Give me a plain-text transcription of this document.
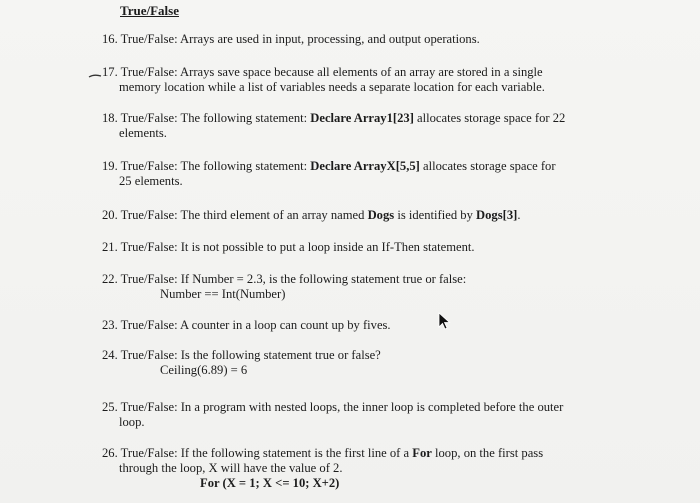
True/False
16. True/False: Arrays are used in input, processing, and output operations.
17. True/False: Arrays save space because all elements of an array are stored in a single
memory location while a list of variables needs a separate location for each variable.
18. True/False: The following statement: Declare Array1[23] allocates storage space for 22
elements.
19. True/False: The following statement: Declare ArrayX[5,5] allocates storage space for
25 elements.
20. True/False: The third element of an array named Dogs is identified by Dogs[3].
21. True/False: It is not possible to put a loop inside an If-Then statement.
22. True/False: If Number = 2.3, is the following statement true or false:
Number == Int(Number)
23. True/False: A counter in a loop can count up by fives.
24. True/False: Is the following statement true or false?
Ceiling(6.89) = 6
25. True/False: In a program with nested loops, the inner loop is completed before the outer
loop.
26. True/False: If the following statement is the first line of a For loop, on the first pass
through the loop, X will have the value of 2.
For (X = 1; X <= 10; X+2)
